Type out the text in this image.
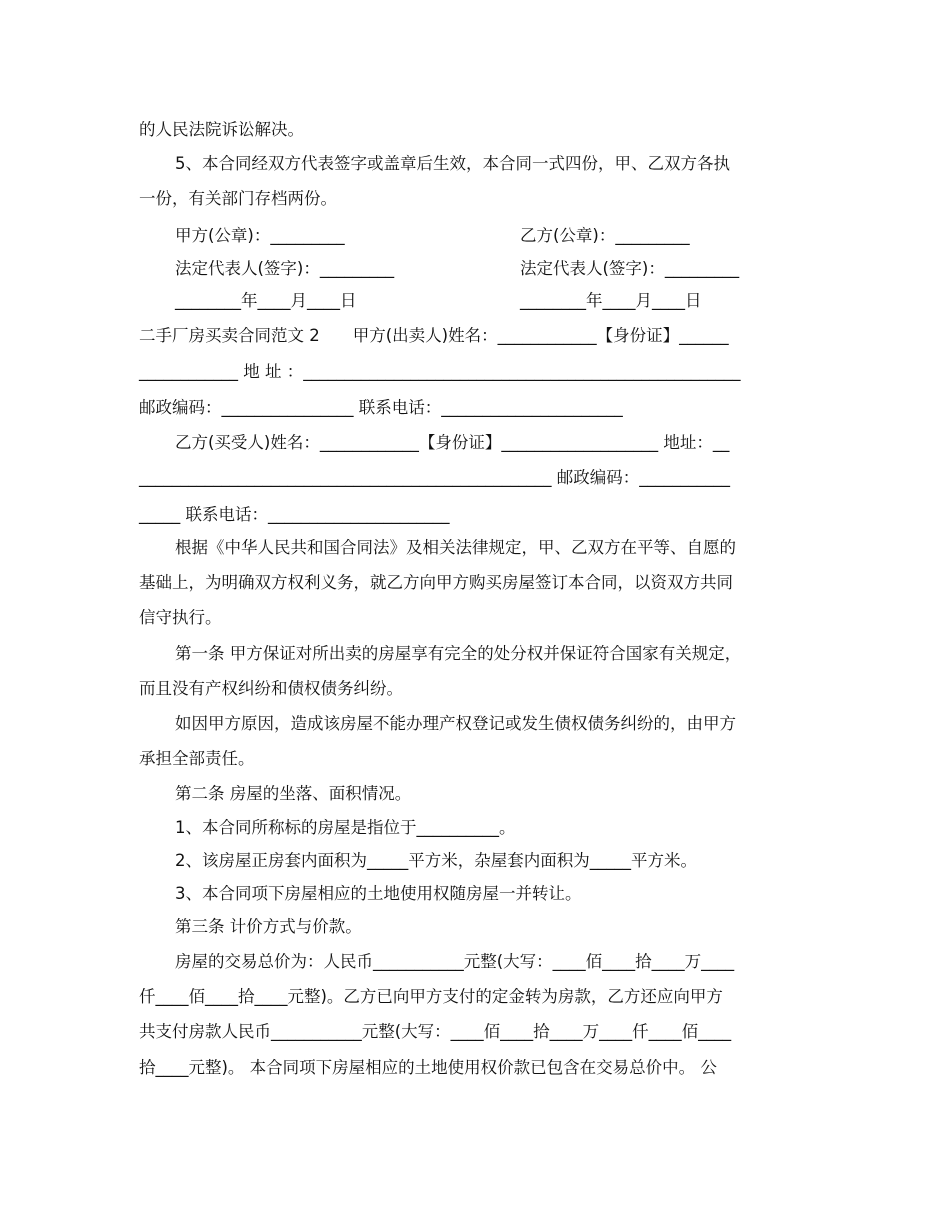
的人民法院诉讼解决。
5、本合同经双方代表签字或盖章后生效，本合同一式四份，甲、乙双方各执
一份，有关部门存档两份。
甲方(公章)：_________	乙方(公章)：_________
法定代表人(签字)：_________	法定代表人(签字)：_________
________年____月____日	________年____月____日
二手厂房买卖合同范文 2　　甲方(出卖人)姓名：____________【身份证】______
____________ 地 址 ：_____________________________________________________
邮政编码：________________ 联系电话：______________________
乙方(买受人)姓名：____________【身份证】___________________ 地址：__
__________________________________________________ 邮政编码：___________
_____ 联系电话：______________________
根据《中华人民共和国合同法》及相关法律规定，甲、乙双方在平等、自愿的
基础上，为明确双方权利义务，就乙方向甲方购买房屋签订本合同，以资双方共同
信守执行。
第一条 甲方保证对所出卖的房屋享有完全的处分权并保证符合国家有关规定，
而且没有产权纠纷和债权债务纠纷。
如因甲方原因，造成该房屋不能办理产权登记或发生债权债务纠纷的，由甲方
承担全部责任。
第二条 房屋的坐落、面积情况。
1、本合同所称标的房屋是指位于__________。
2、该房屋正房套内面积为_____平方米，杂屋套内面积为_____平方米。
3、本合同项下房屋相应的土地使用权随房屋一并转让。
第三条 计价方式与价款。
房屋的交易总价为：人民币___________元整(大写：____佰____拾____万____
仟____佰____拾____元整)。乙方已向甲方支付的定金转为房款，乙方还应向甲方
共支付房款人民币___________元整(大写：____佰____拾____万____仟____佰____
拾____元整)。 本合同项下房屋相应的土地使用权价款已包含在交易总价中。 公
